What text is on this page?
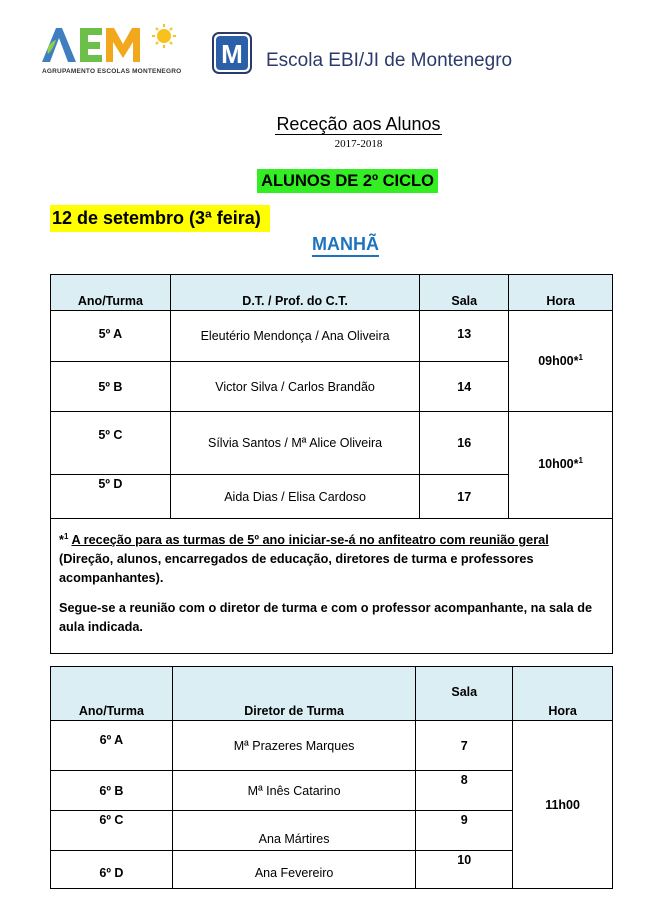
AGRUPAMENTO ESCOLAS MONTENEGRO
M Escola EBI/JI de Montenegro
Receção aos Alunos
2017-2018
ALUNOS DE 2º CICLO
12 de setembro (3ª feira)
MANHÃ
Ano/Turma	D.T. / Prof. do C.T.	Sala	Hora
5º A	Eleutério Mendonça / Ana Oliveira	13	09h00*$^1$
5º B	Victor Silva / Carlos Brandão	14	
5º C	Sílvia Santos / Mª Alice Oliveira	16	10h00*$^1$
5º D	Aida Dias / Elisa Cardoso	17	

*$^1$ A receção para as turmas de 5º ano iniciar-se-á no anfiteatro com reunião geral (Direção, alunos, encarregados de educação, diretores de turma e professores acompanhantes).

Segue-se a reunião com o diretor de turma e com o professor acompanhante, na sala de aula indicada.

Ano/Turma	Diretor de Turma	Sala	Hora
6º A	Mª Prazeres Marques	7	11h00
6º B	Mª Inês Catarino	8	
6º C	Ana Mártires	9	
6º D	Ana Fevereiro	10	
